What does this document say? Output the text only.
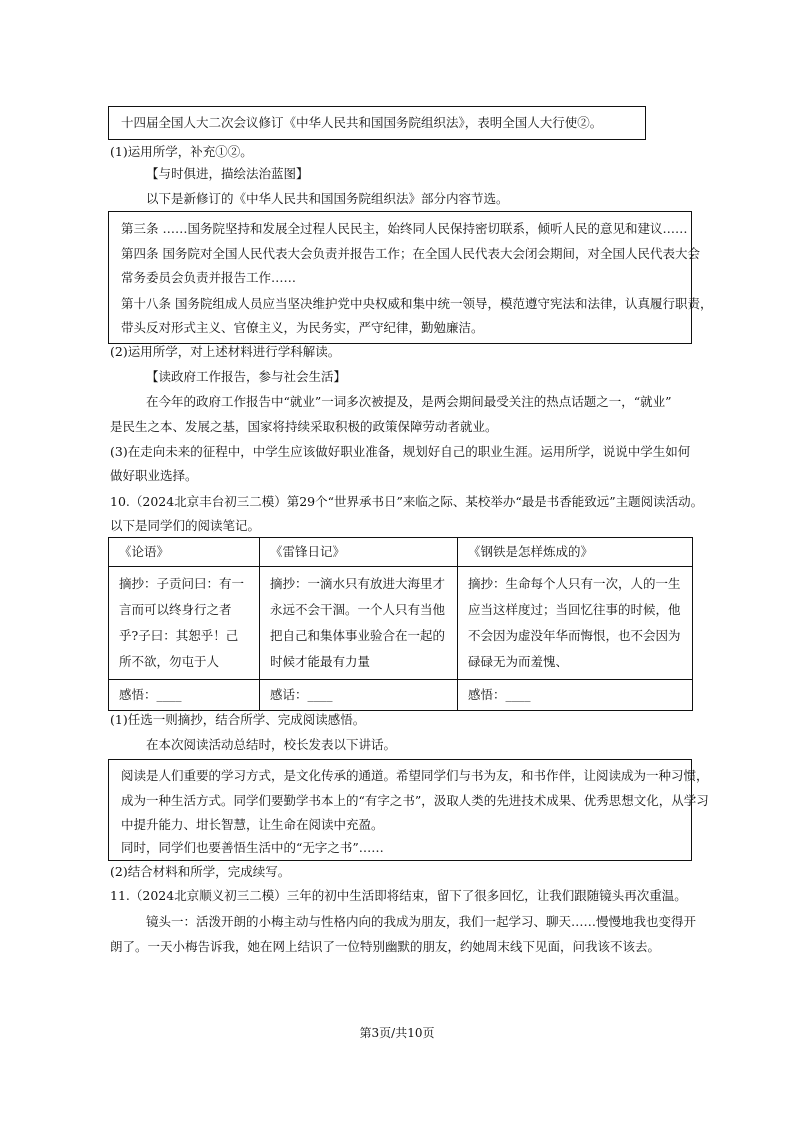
十四届全国人大二次会议修订《中华人民共和国国务院组织法》，表明全国人大行使②。
(1)运用所学，补充①②。
【与时俱进，描绘法治蓝图】
以下是新修订的《中华人民共和国国务院组织法》部分内容节选。
第三条 ……国务院坚持和发展全过程人民民主，始终同人民保持密切联系，倾听人民的意见和建议……
第四条 国务院对全国人民代表大会负责并报告工作；在全国人民代表大会闭会期间，对全国人民代表大会
常务委员会负责并报告工作……
第十八条 国务院组成人员应当坚决维护党中央权威和集中统一领导，模范遵守宪法和法律，认真履行职责，
带头反对形式主义、官僚主义，为民务实，严守纪律，勤勉廉洁。
(2)运用所学，对上述材料进行学科解读。
【读政府工作报告，参与社会生活】
在今年的政府工作报告中“就业”一词多次被提及，是两会期间最受关注的热点话题之一，“就业”
是民生之本、发展之基，国家将持续采取积极的政策保障劳动者就业。
(3)在走向未来的征程中，中学生应该做好职业准备，规划好自己的职业生涯。运用所学，说说中学生如何
做好职业选择。
10.（2024北京丰台初三二模）第29个“世界承书日”来临之际、某校举办“最是书香能致远”主题阅读活动。
以下是同学们的阅读笔记。
《论语》	《雷锋日记》	《钢铁是怎样炼成的》
摘抄：子贡问曰：有一言而可以终身行之者乎?子曰：其恕乎！己所不欲，勿屯于人	摘抄：一滴水只有放进大海里才永远不会干涸。一个人只有当他把自己和集体事业验合在一起的时候才能最有力量	摘抄：生命每个人只有一次，人的一生应当这样度过；当回忆往事的时候，他不会因为虚没年华而悔恨，也不会因为碌碌无为而羞愧、
感悟：____	感话：____	感悟：____
(1)任选一则摘抄，结合所学、完成阅读感悟。
在本次阅读活动总结时，校长发表以下讲话。
阅读是人们重要的学习方式，是文化传承的通道。希望同学们与书为友，和书作伴，让阅读成为一种习惯，
成为一种生活方式。同学们要勤学书本上的“有字之书”，汲取人类的先进技术成果、优秀思想文化，从学习
中提升能力、坩长智慧，让生命在阅读中充盈。
同时，同学们也要善悟生活中的“无字之书”……
(2)结合材料和所学，完成续写。
11.（2024北京顺义初三二模）三年的初中生活即将结束，留下了很多回忆，让我们跟随镜头再次重温。
镜头一：活泼开朗的小梅主动与性格内向的我成为朋友，我们一起学习、聊天……慢慢地我也变得开
朗了。一天小梅告诉我，她在网上结识了一位特别幽默的朋友，约她周末线下见面，问我该不该去。
第3页/共10页
